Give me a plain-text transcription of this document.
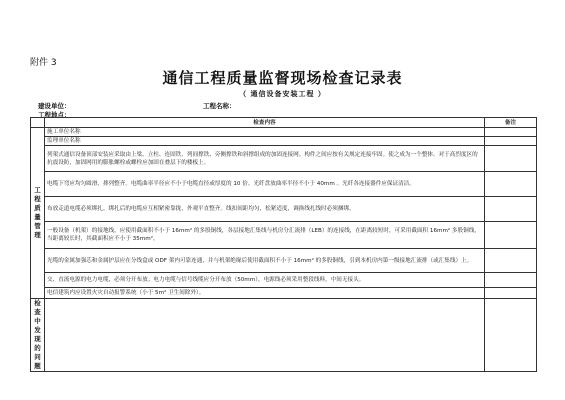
附件 3
通信工程质量监督现场检查记录表
（ 通信设备安装工程 ）
建设单位：	工程名称：
工程地点：
	检查内容	备注
工程质量管理	施工单位名称	
	监理单位名称	
	列架式通信设备顶部安装应采取由上梁、立柱、连固铁、列间撑铁、旁侧撑铁和斜撑组成的加固连接网。构件之间应按有关规定连接牢固。使之成为一个整体。对于高烈度区的抗震设防，加固网用的膨胀螺栓或螺栓应加固在叠层下的楼板上。	
	电缆下弯应均匀圆滑，排列整齐。电缆曲率半径应不小于电缆直径或厚度的 10 倍。光纤盘放曲率半径不小于 40mm 。光纤各连接器件应保证清洁。	
	布放走道电缆必须绑扎。绑扎后的电缆应互相紧密靠拢，外观平直整齐。线扣间距均匀，松紧适度，调换线扎线时必须捆绑。	
	一般设备（机架）的接地线，应使用截面积不小于 16mm² 的多股铜线，各层接地汇集线与机房分汇流排（LEB）的连接线，在距离较短时，可采用截面积 16mm² 多股铜线，当距离较长时，其截面积应不小于 35mm²。	
	光缆的金属加强芯和金属护层应在分线盒或 ODF 架内可靠连通，并与机架绝缘后使用截面积不小于 16mm² 的多股铜线，引到本机房内第一级接地汇流排（或汇集线）上。	
	交、直流电源的电力电缆，必须分开布放；电力电缆与信号线缆应分开布放（50mm），电源线必须采用整段线料，中间无接头。	
	电信建筑内应设置火灾自动报警系统（小于 5m² 卫生间除外）。	
检查中发现的问题		
